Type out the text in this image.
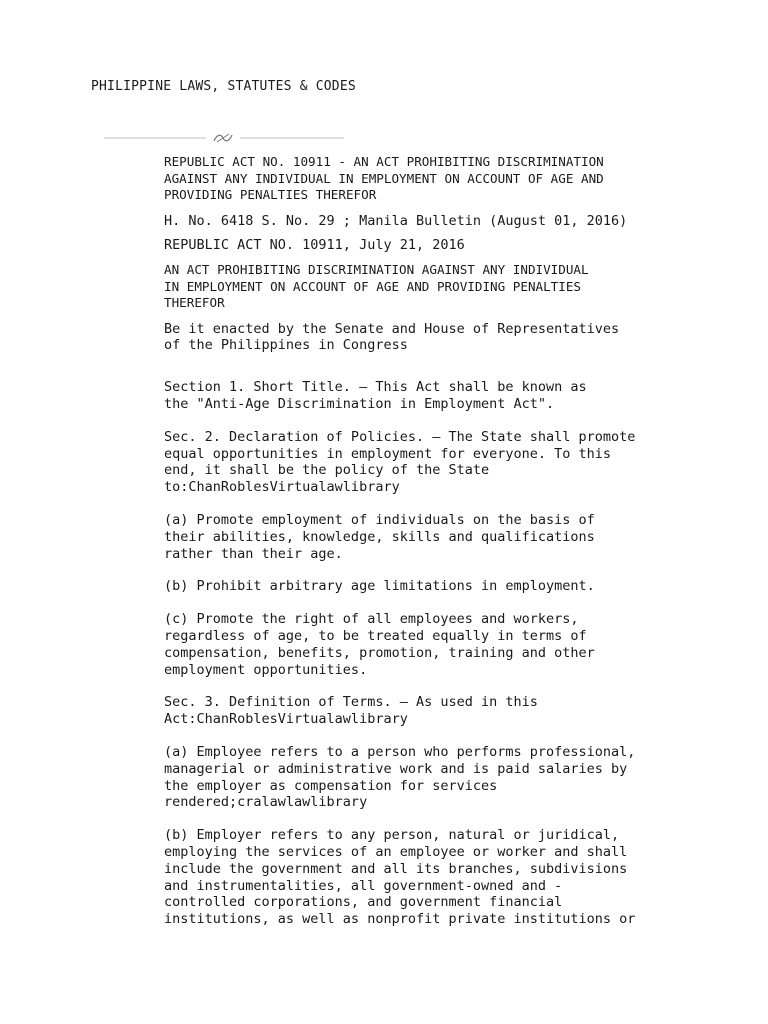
PHILIPPINE LAWS, STATUTES & CODES

REPUBLIC ACT NO. 10911 - AN ACT PROHIBITING DISCRIMINATION
AGAINST ANY INDIVIDUAL IN EMPLOYMENT ON ACCOUNT OF AGE AND
PROVIDING PENALTIES THEREFOR

H. No. 6418 S. No. 29 ; Manila Bulletin (August 01, 2016)

REPUBLIC ACT NO. 10911, July 21, 2016

AN ACT PROHIBITING DISCRIMINATION AGAINST ANY INDIVIDUAL
IN EMPLOYMENT ON ACCOUNT OF AGE AND PROVIDING PENALTIES
THEREFOR

Be it enacted by the Senate and House of Representatives
of the Philippines in Congress

Section 1. Short Title. – This Act shall be known as
the "Anti-Age Discrimination in Employment Act".

Sec. 2. Declaration of Policies. – The State shall promote
equal opportunities in employment for everyone. To this
end, it shall be the policy of the State
to:ChanRoblesVirtualawlibrary

(a) Promote employment of individuals on the basis of
their abilities, knowledge, skills and qualifications
rather than their age.

(b) Prohibit arbitrary age limitations in employment.

(c) Promote the right of all employees and workers,
regardless of age, to be treated equally in terms of
compensation, benefits, promotion, training and other
employment opportunities.

Sec. 3. Definition of Terms. – As used in this
Act:ChanRoblesVirtualawlibrary

(a) Employee refers to a person who performs professional,
managerial or administrative work and is paid salaries by
the employer as compensation for services
rendered;cralawlawlibrary

(b) Employer refers to any person, natural or juridical,
employing the services of an employee or worker and shall
include the government and all its branches, subdivisions
and instrumentalities, all government-owned and -
controlled corporations, and government financial
institutions, as well as nonprofit private institutions or
